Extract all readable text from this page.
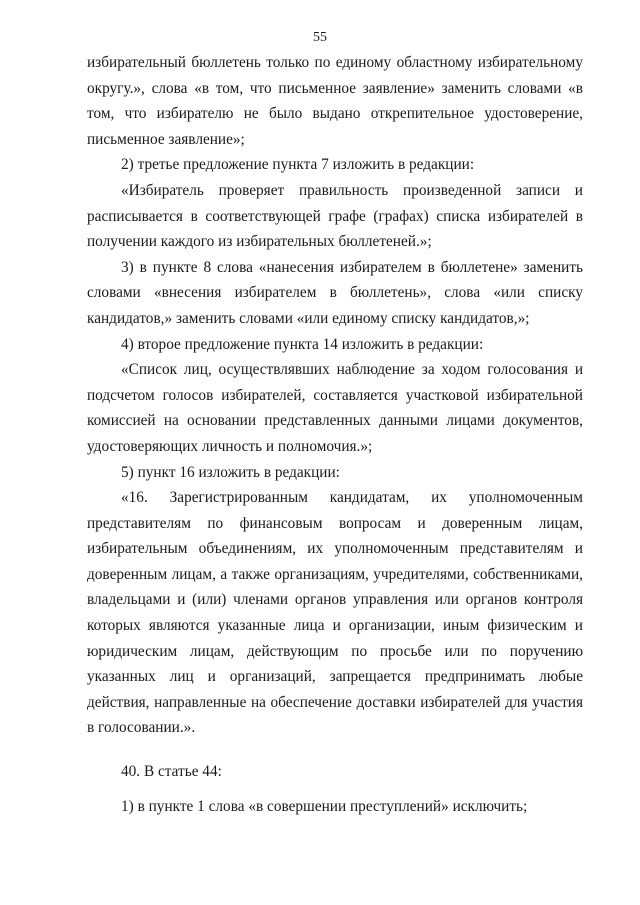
55

избирательный бюллетень только по единому областному избирательному округу.», слова «в том, что письменное заявление» заменить словами «в том, что избирателю не было выдано открепительное удостоверение, письменное заявление»;

2) третье предложение пункта 7 изложить в редакции:

«Избиратель проверяет правильность произведенной записи и расписывается в соответствующей графе (графах) списка избирателей в получении каждого из избирательных бюллетеней.»;

3) в пункте 8 слова «нанесения избирателем в бюллетене» заменить словами «внесения избирателем в бюллетень», слова «или списку кандидатов,» заменить словами «или единому списку кандидатов,»;

4) второе предложение пункта 14 изложить в редакции:

«Список лиц, осуществлявших наблюдение за ходом голосования и подсчетом голосов избирателей, составляется участковой избирательной комиссией на основании представленных данными лицами документов, удостоверяющих личность и полномочия.»;

5) пункт 16 изложить в редакции:

«16. Зарегистрированным кандидатам, их уполномоченным представителям по финансовым вопросам и доверенным лицам, избирательным объединениям, их уполномоченным представителям и доверенным лицам, а также организациям, учредителями, собственниками, владельцами и (или) членами органов управления или органов контроля которых являются указанные лица и организации, иным физическим и юридическим лицам, действующим по просьбе или по поручению указанных лиц и организаций, запрещается предпринимать любые действия, направленные на обеспечение доставки избирателей для участия в голосовании.».

40. В статье 44:

1) в пункте 1 слова «в совершении преступлений» исключить;
